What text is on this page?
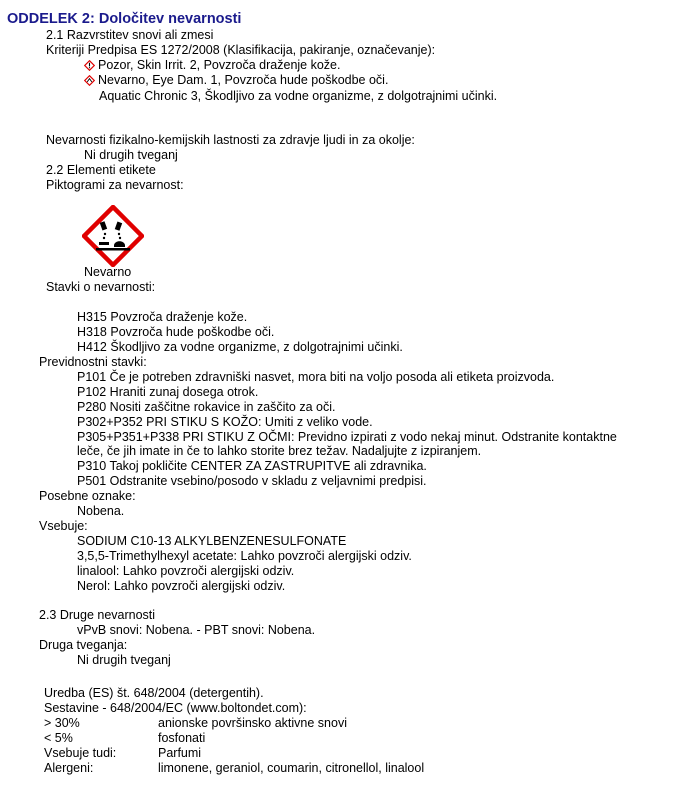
ODDELEK 2: Določitev nevarnosti
2.1 Razvrstitev snovi ali zmesi
Kriteriji Predpisa ES 1272/2008 (Klasifikacija, pakiranje, označevanje):
Pozor, Skin Irrit. 2, Povzroča draženje kože.
Nevarno, Eye Dam. 1, Povzroča hude poškodbe oči.
Aquatic Chronic 3, Škodljivo za vodne organizme, z dolgotrajnimi učinki.
Nevarnosti fizikalno-kemijskih lastnosti za zdravje ljudi in za okolje:
Ni drugih tveganj
2.2 Elementi etikete
Piktogrami za nevarnost:
Nevarno
Stavki o nevarnosti:
H315 Povzroča draženje kože.
H318 Povzroča hude poškodbe oči.
H412 Škodljivo za vodne organizme, z dolgotrajnimi učinki.
Previdnostni stavki:
P101 Če je potreben zdravniški nasvet, mora biti na voljo posoda ali etiketa proizvoda.
P102 Hraniti zunaj dosega otrok.
P280 Nositi zaščitne rokavice in zaščito za oči.
P302+P352 PRI STIKU S KOŽO: Umiti z veliko vode.
P305+P351+P338 PRI STIKU Z OČMI: Previdno izpirati z vodo nekaj minut. Odstranite kontaktne
leče, če jih imate in če to lahko storite brez težav. Nadaljujte z izpiranjem.
P310 Takoj pokličite CENTER ZA ZASTRUPITVE ali zdravnika.
P501 Odstranite vsebino/posodo v skladu z veljavnimi predpisi.
Posebne oznake:
Nobena.
Vsebuje:
SODIUM C10-13 ALKYLBENZENESULFONATE
3,5,5-Trimethylhexyl acetate: Lahko povzroči alergijski odziv.
linalool: Lahko povzroči alergijski odziv.
Nerol: Lahko povzroči alergijski odziv.
2.3 Druge nevarnosti
vPvB snovi: Nobena. - PBT snovi: Nobena.
Druga tveganja:
Ni drugih tveganj
Uredba (ES) št. 648/2004 (detergentih).
Sestavine - 648/2004/EC (www.boltondet.com):
> 30%	anionske površinsko aktivne snovi
< 5%	fosfonati
Vsebuje tudi:	Parfumi
Alergeni:	limonene, geraniol, coumarin, citronellol, linalool
